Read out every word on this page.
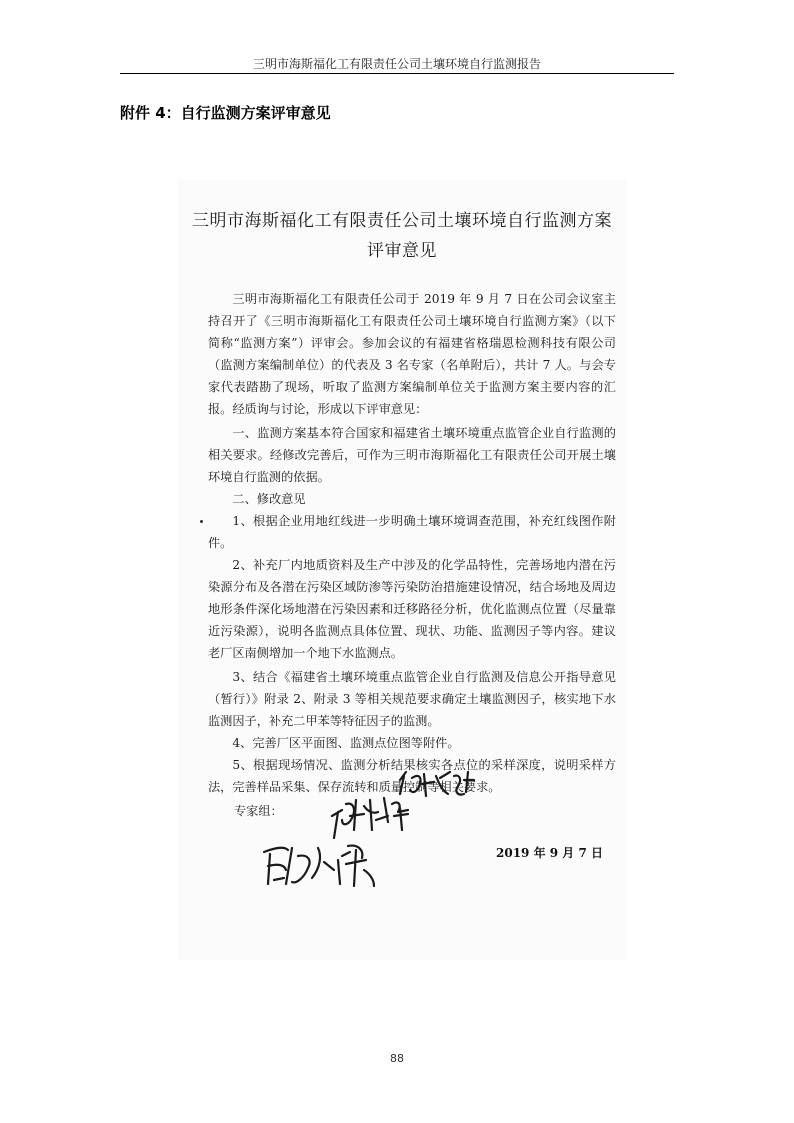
三明市海斯福化工有限责任公司土壤环境自行监测报告
附件 4：自行监测方案评审意见
三明市海斯福化工有限责任公司土壤环境自行监测方案
评审意见

三明市海斯福化工有限责任公司于 2019 年 9 月 7 日在公司会议室主持召开了《三明市海斯福化工有限责任公司土壤环境自行监测方案》（以下简称“监测方案”）评审会。参加会议的有福建省格瑞恩检测科技有限公司（监测方案编制单位）的代表及 3 名专家（名单附后），共计 7 人。与会专家代表踏勘了现场，听取了监测方案编制单位关于监测方案主要内容的汇报。经质询与讨论，形成以下评审意见：

一、监测方案基本符合国家和福建省土壤环境重点监管企业自行监测的相关要求。经修改完善后，可作为三明市海斯福化工有限责任公司开展土壤环境自行监测的依据。

二、修改意见

1、根据企业用地红线进一步明确土壤环境调查范围，补充红线图作附件。

2、补充厂内地质资料及生产中涉及的化学品特性，完善场地内潜在污染源分布及各潜在污染区域防渗等污染防治措施建设情况，结合场地及周边地形条件深化场地潜在污染因素和迁移路径分析，优化监测点位置（尽量靠近污染源），说明各监测点具体位置、现状、功能、监测因子等内容。建议老厂区南侧增加一个地下水监测点。

3、结合《福建省土壤环境重点监管企业自行监测及信息公开指导意见（暂行）》附录 2、附录 3 等相关规范要求确定土壤监测因子，核实地下水监测因子，补充二甲苯等特征因子的监测。

4、完善厂区平面图、监测点位图等附件。

5、根据现场情况、监测分析结果核实各点位的采样深度，说明采样方法，完善样品采集、保存流转和质量控制等相关要求。

专家组：
2019 年 9 月 7 日
88
